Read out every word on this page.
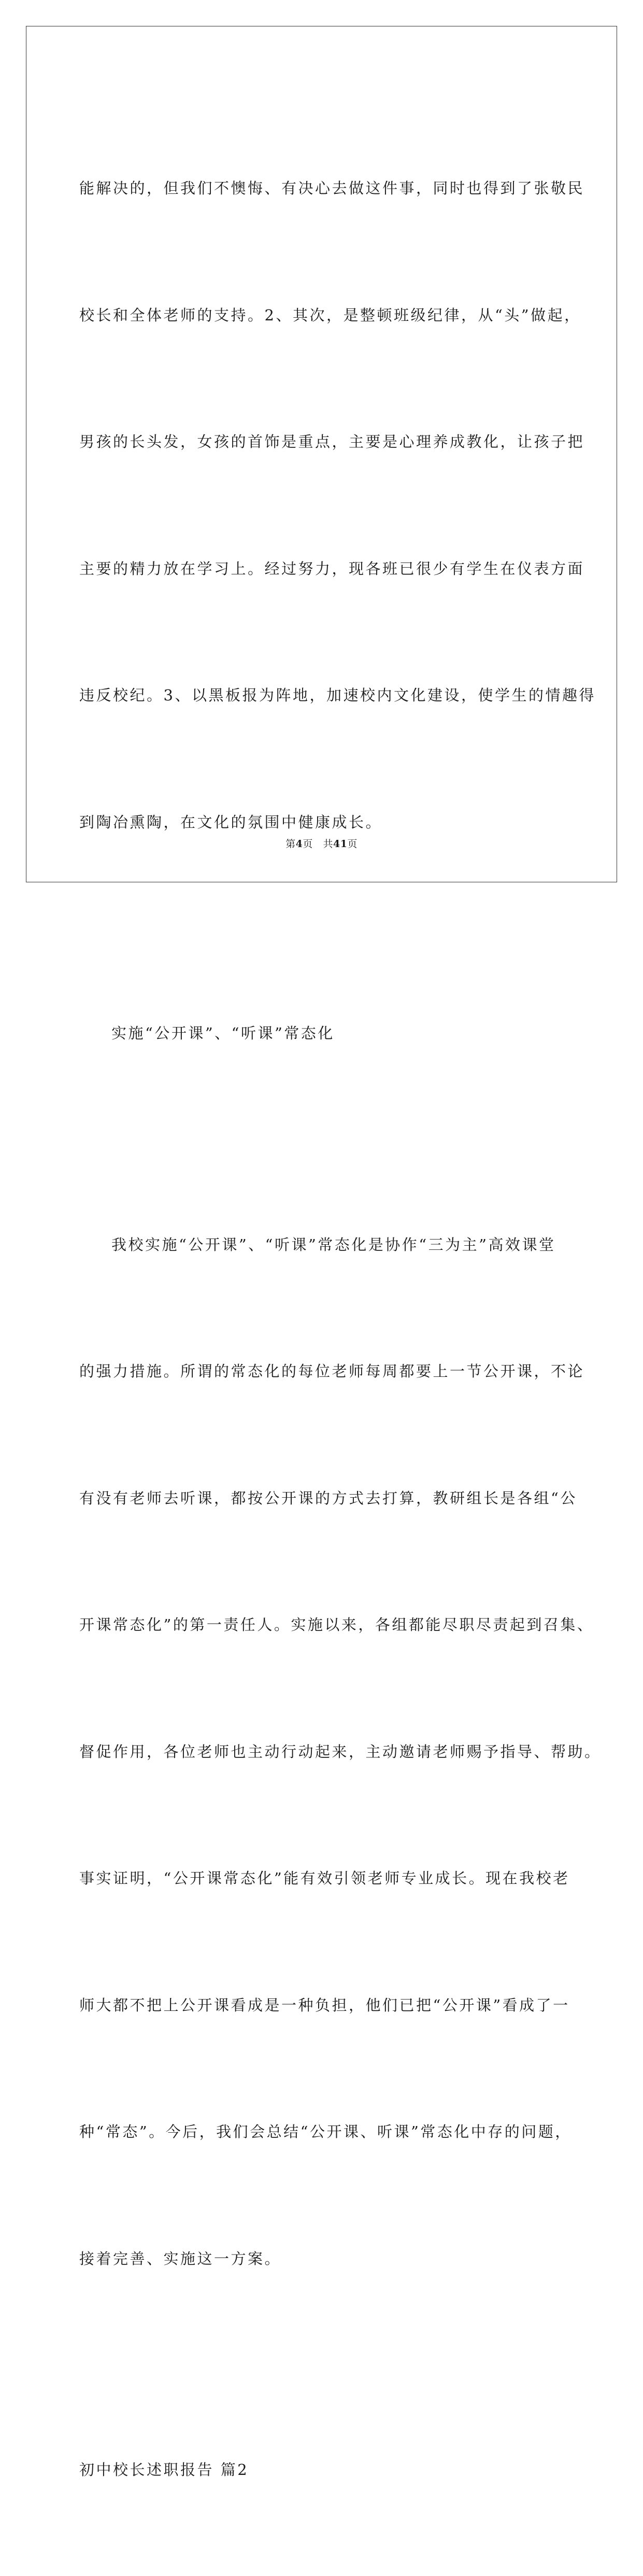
能解决的，但我们不懊悔、有决心去做这件事，同时也得到了张敬民

校长和全体老师的支持。2、其次，是整顿班级纪律，从“头”做起，

男孩的长头发，女孩的首饰是重点，主要是心理养成教化，让孩子把

主要的精力放在学习上。经过努力，现各班已很少有学生在仪表方面

违反校纪。3、以黑板报为阵地，加速校内文化建设，使学生的情趣得

到陶冶熏陶，在文化的氛围中健康成长。

实施“公开课”、“听课”常态化

我校实施“公开课”、“听课”常态化是协作“三为主”高效课堂

的强力措施。所谓的常态化的每位老师每周都要上一节公开课，不论

有没有老师去听课，都按公开课的方式去打算，教研组长是各组“公

开课常态化”的第一责任人。实施以来，各组都能尽职尽责起到召集、

督促作用，各位老师也主动行动起来，主动邀请老师赐予指导、帮助。

事实证明，“公开课常态化”能有效引领老师专业成长。现在我校老

师大都不把上公开课看成是一种负担，他们已把“公开课”看成了一

种“常态”。今后，我们会总结“公开课、听课”常态化中存的问题，

接着完善、实施这一方案。

初中校长述职报告 篇2

第4页 共41页
